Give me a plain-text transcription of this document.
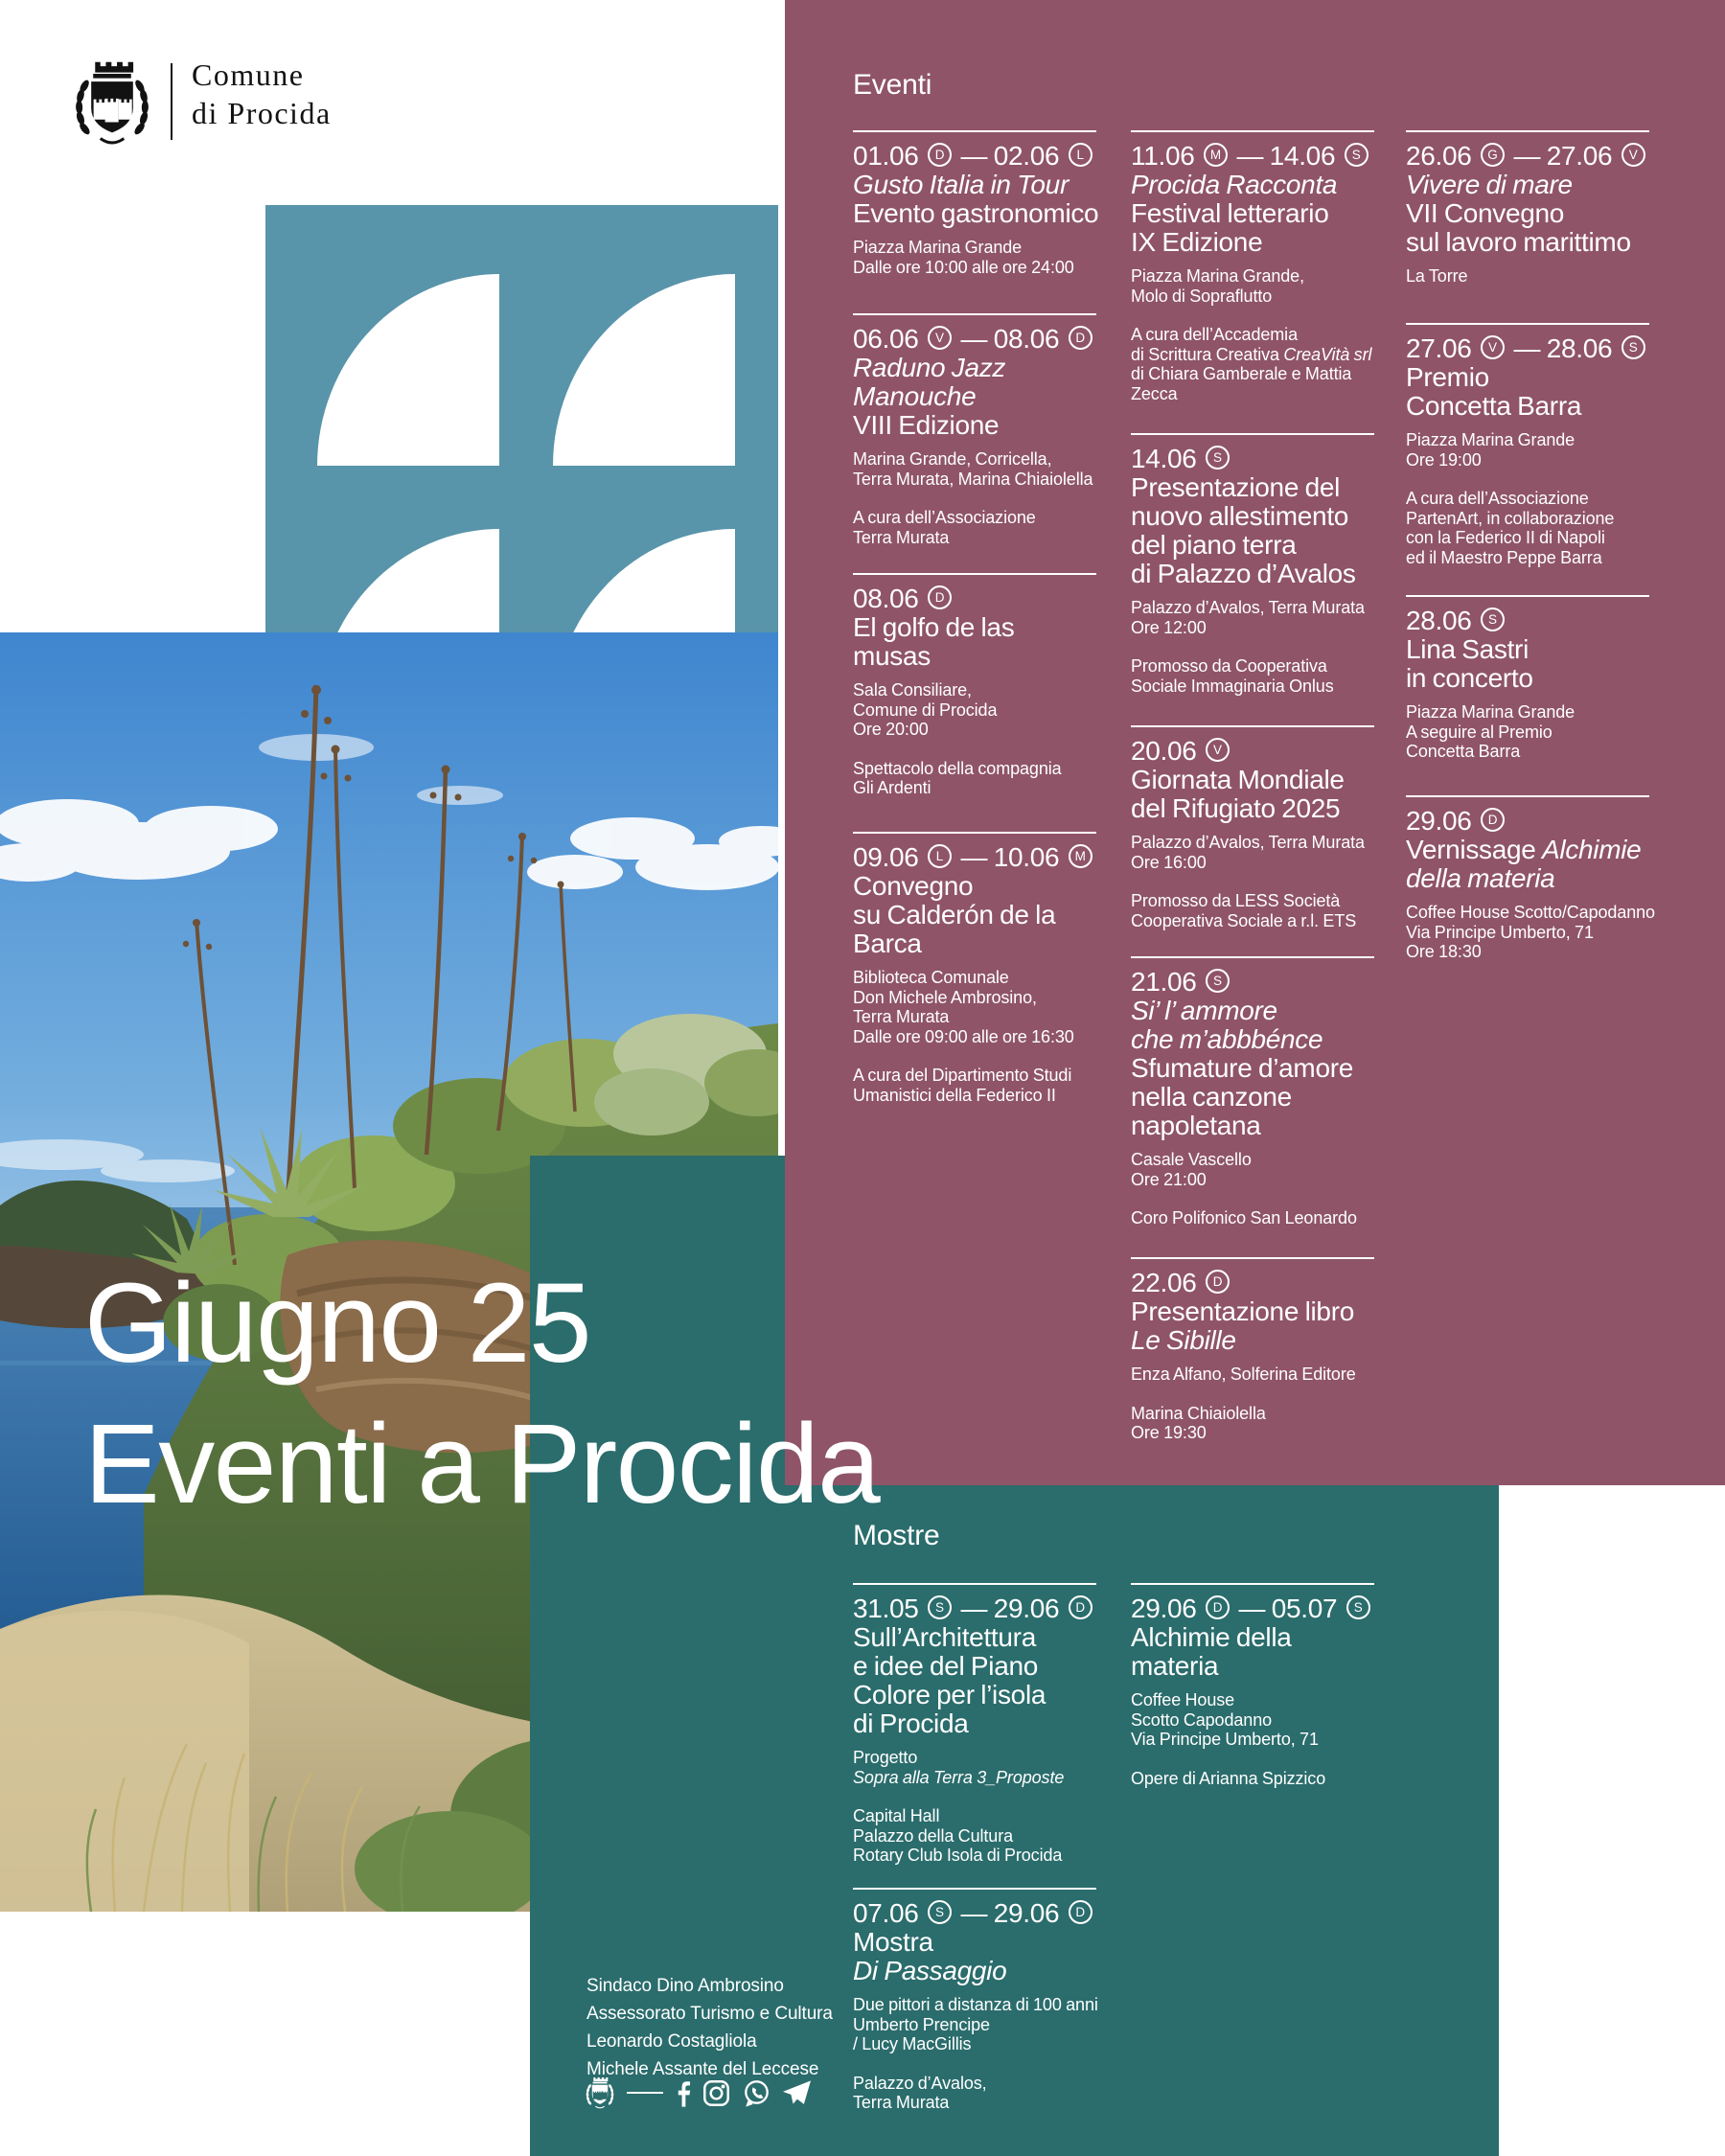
Comune
di Procida
Giugno 25
Eventi a Procida
Eventi
Mostre
01.06 D — 02.06 L
Gusto Italia in Tour
Evento gastronomico

Piazza Marina Grande
Dalle ore 10:00 alle ore 24:00

06.06 V — 08.06 D
Raduno Jazz
Manouche
VIII Edizione

Marina Grande, Corricella,
Terra Murata, Marina Chiaiolella

A cura dell’Associazione
Terra Murata

08.06 D
El golfo de las
musas

Sala Consiliare,
Comune di Procida
Ore 20:00

Spettacolo della compagnia
Gli Ardenti

09.06 L — 10.06 M
Convegno
su Calderón de la
Barca

Biblioteca Comunale
Don Michele Ambrosino,
Terra Murata
Dalle ore 09:00 alle ore 16:30

A cura del Dipartimento Studi
Umanistici della Federico II

11.06 M — 14.06 S
Procida Racconta
Festival letterario
IX Edizione

Piazza Marina Grande,
Molo di Sopraflutto

A cura dell’Accademia
di Scrittura Creativa CreaVità srl
di Chiara Gamberale e Mattia
Zecca

14.06 S
Presentazione del
nuovo allestimento
del piano terra
di Palazzo d’Avalos

Palazzo d’Avalos, Terra Murata
Ore 12:00

Promosso da Cooperativa
Sociale Immaginaria Onlus

20.06 V
Giornata Mondiale
del Rifugiato 2025

Palazzo d’Avalos, Terra Murata
Ore 16:00

Promosso da LESS Società
Cooperativa Sociale a r.l. ETS

21.06 S
Si’ l’ ammore
che m’abbbénce
Sfumature d’amore
nella canzone
napoletana

Casale Vascello
Ore 21:00

Coro Polifonico San Leonardo

22.06 D
Presentazione libro
Le Sibille

Enza Alfano, Solferina Editore

Marina Chiaiolella
Ore 19:30

26.06 G — 27.06 V
Vivere di mare
VII Convegno
sul lavoro marittimo

La Torre

27.06 V — 28.06 S
Premio
Concetta Barra

Piazza Marina Grande
Ore 19:00

A cura dell’Associazione
PartenArt, in collaborazione
con la Federico II di Napoli
ed il Maestro Peppe Barra

28.06 S
Lina Sastri
in concerto

Piazza Marina Grande
A seguire al Premio
Concetta Barra

29.06 D
Vernissage Alchimie
della materia

Coffee House Scotto/Capodanno
Via Principe Umberto, 71
Ore 18:30

31.05 S — 29.06 D
Sull’Architettura
e idee del Piano
Colore per l’isola
di Procida

Progetto
Sopra alla Terra 3_Proposte

Capital Hall
Palazzo della Cultura
Rotary Club Isola di Procida

07.06 S — 29.06 D
Mostra
Di Passaggio

Due pittori a distanza di 100 anni
Umberto Prencipe
/ Lucy MacGillis

Palazzo d’Avalos,
Terra Murata

29.06 D — 05.07 S
Alchimie della
materia

Coffee House
Scotto Capodanno
Via Principe Umberto, 71

Opere di Arianna Spizzico

Sindaco Dino Ambrosino
Assessorato Turismo e Cultura
Leonardo Costagliola
Michele Assante del Leccese
